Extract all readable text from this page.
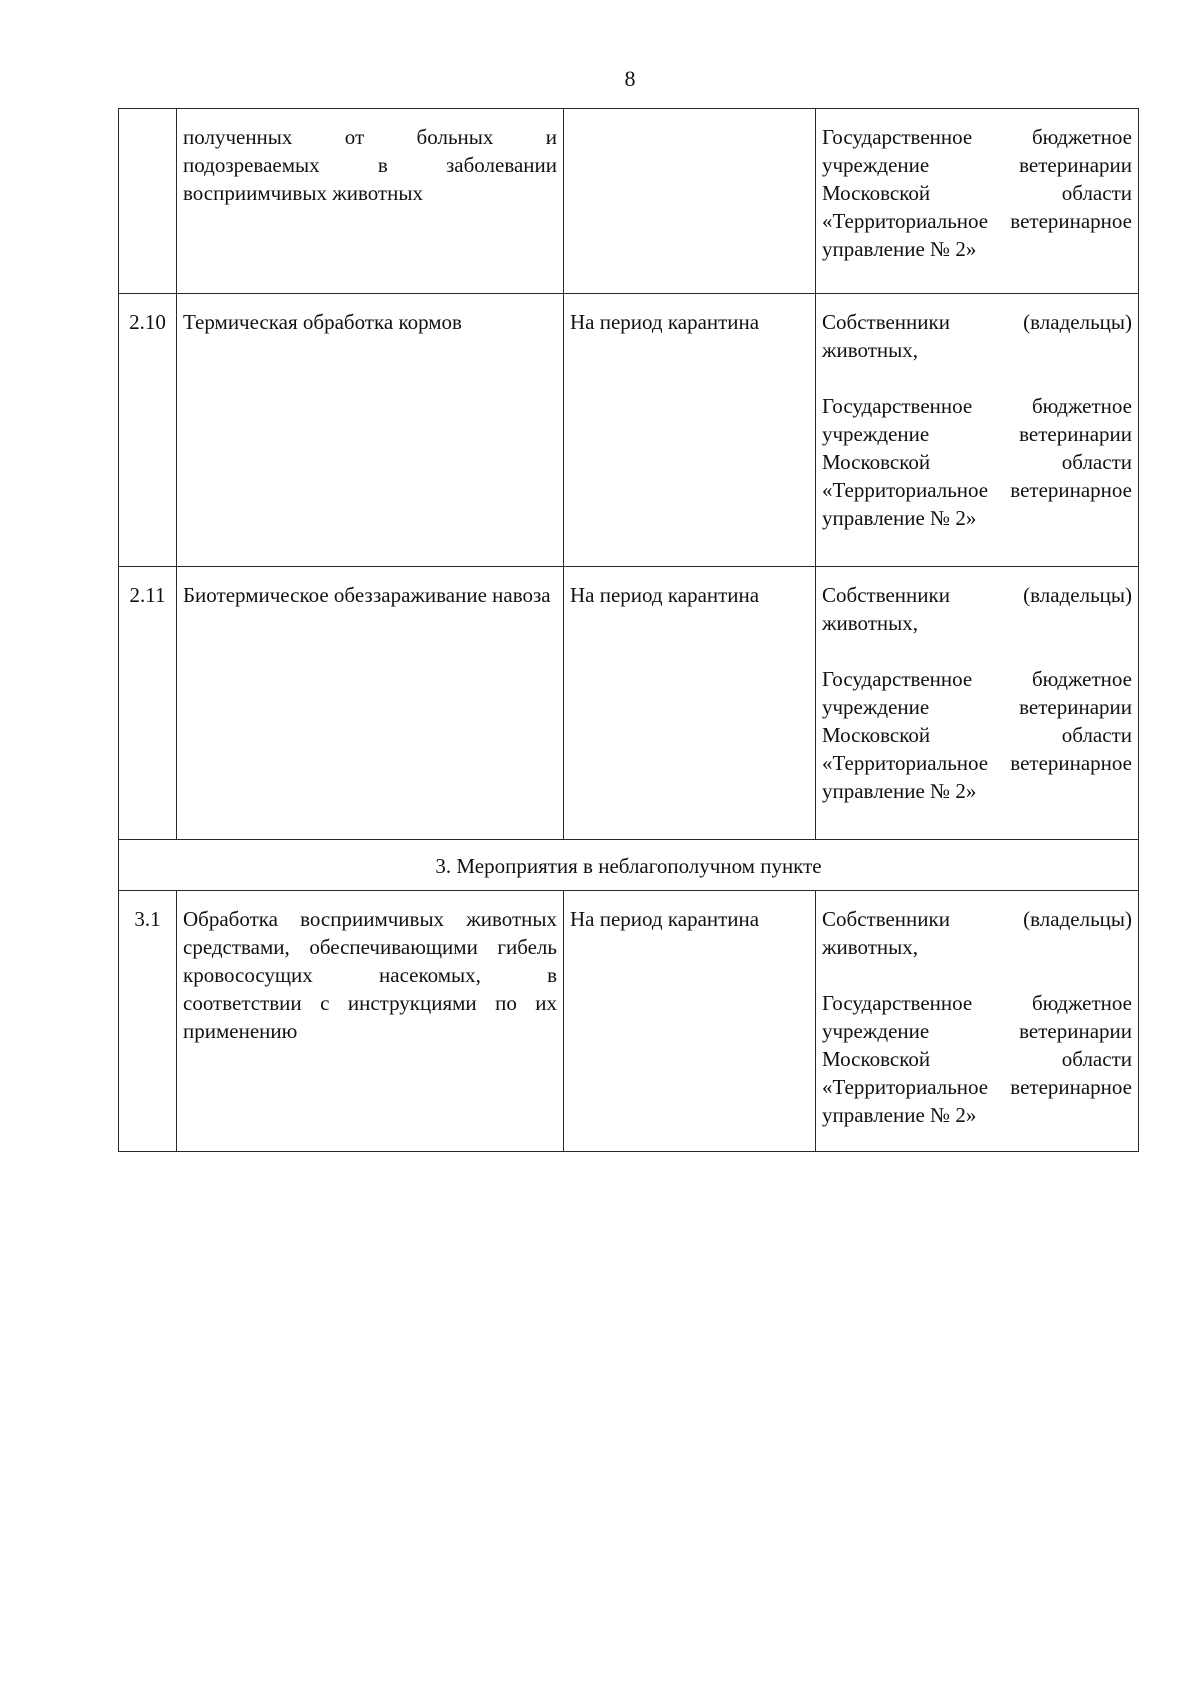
8
	полученных от больных и подозреваемых в заболевании восприимчивых животных		Государственное бюджетное учреждение ветеринарии Московской области «Территориальное ветеринарное управление № 2»

2.10	Термическая обработка кормов	На период карантина	Собственники (владельцы) животных,
Государственное бюджетное учреждение ветеринарии Московской области «Территориальное ветеринарное управление № 2»

2.11	Биотермическое обеззараживание навоза	На период карантина	Собственники (владельцы) животных,
Государственное бюджетное учреждение ветеринарии Московской области «Территориальное ветеринарное управление № 2»

3. Мероприятия в неблагополучном пункте			
3.1	Обработка восприимчивых животных средствами, обеспечивающими гибель кровососущих насекомых, в соответствии с инструкциями по их применению	На период карантина	Собственники (владельцы) животных,
Государственное бюджетное учреждение ветеринарии Московской области «Территориальное ветеринарное управление № 2»
